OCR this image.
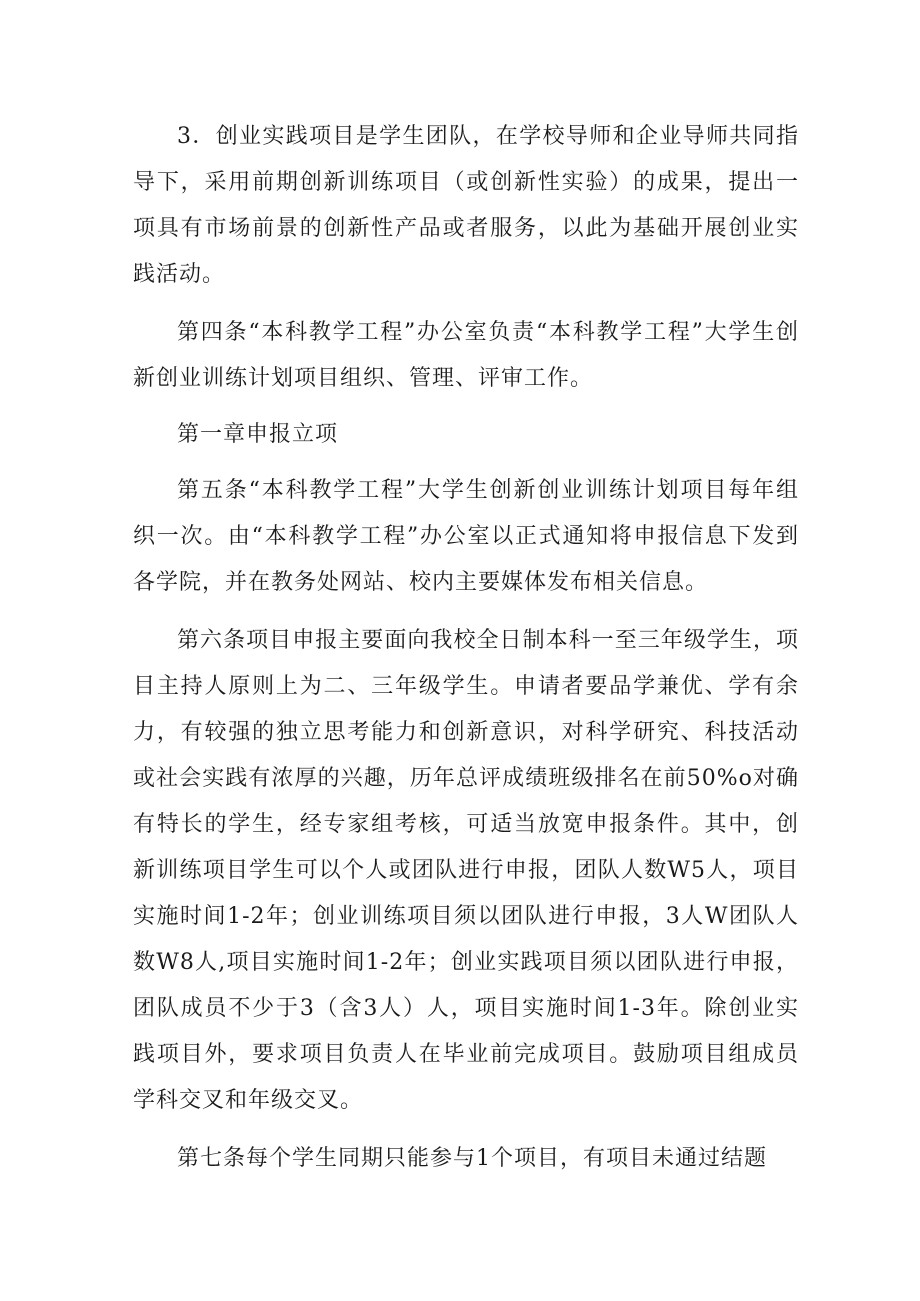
3．创业实践项目是学生团队，在学校导师和企业导师共同指导下，采用前期创新训练项目（或创新性实验）的成果，提出一项具有市场前景的创新性产品或者服务，以此为基础开展创业实践活动。

第四条“本科教学工程”办公室负责“本科教学工程”大学生创新创业训练计划项目组织、管理、评审工作。

第一章申报立项

第五条“本科教学工程”大学生创新创业训练计划项目每年组织一次。由“本科教学工程”办公室以正式通知将申报信息下发到各学院，并在教务处网站、校内主要媒体发布相关信息。

第六条项目申报主要面向我校全日制本科一至三年级学生，项目主持人原则上为二、三年级学生。申请者要品学兼优、学有余力，有较强的独立思考能力和创新意识，对科学研究、科技活动或社会实践有浓厚的兴趣，历年总评成绩班级排名在前50%o对确有特长的学生，经专家组考核，可适当放宽申报条件。其中，创新训练项目学生可以个人或团队进行申报，团队人数W5人，项目实施时间1-2年；创业训练项目须以团队进行申报，3人W团队人数W8人,项目实施时间1-2年；创业实践项目须以团队进行申报，团队成员不少于3（含3人）人，项目实施时间1-3年。除创业实践项目外，要求项目负责人在毕业前完成项目。鼓励项目组成员学科交叉和年级交叉。

第七条每个学生同期只能参与1个项目，有项目未通过结题
